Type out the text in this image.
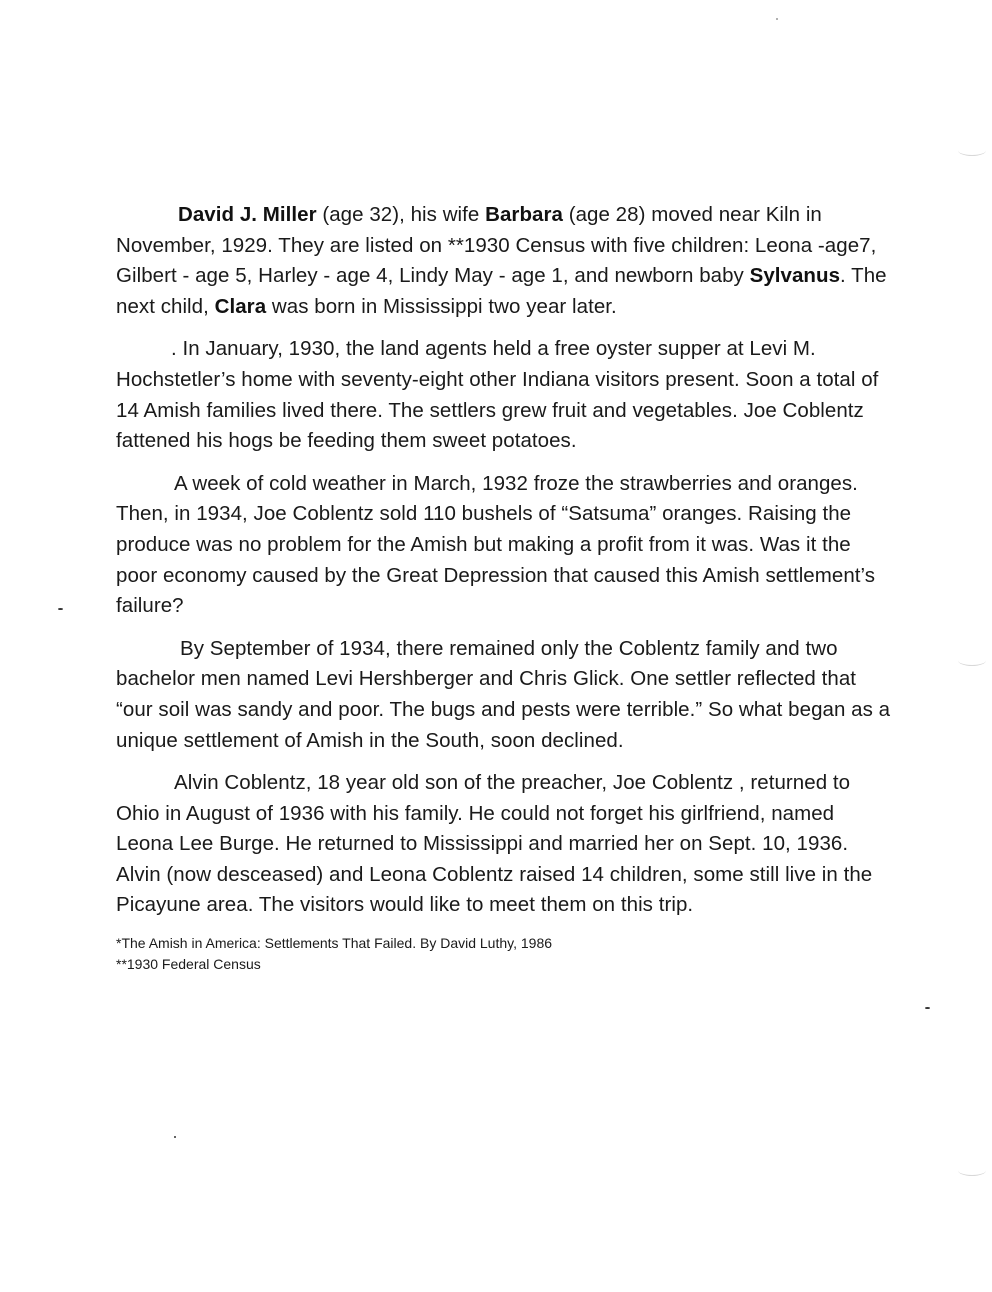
David J. Miller (age 32), his wife Barbara (age 28) moved near Kiln in November, 1929. They are listed on **1930 Census with five children: Leona -age7, Gilbert - age 5, Harley - age 4, Lindy May - age 1, and newborn baby Sylvanus. The next child, Clara was born in Mississippi two year later.

. In January, 1930, the land agents held a free oyster supper at Levi M. Hochstetler’s home with seventy-eight other Indiana visitors present. Soon a total of 14 Amish families lived there. The settlers grew fruit and vegetables. Joe Coblentz fattened his hogs be feeding them sweet potatoes.

A week of cold weather in March, 1932 froze the strawberries and oranges. Then, in 1934, Joe Coblentz sold 110 bushels of “Satsuma” oranges. Raising the produce was no problem for the Amish but making a profit from it was. Was it the poor economy caused by the Great Depression that caused this Amish settlement’s failure?

By September of 1934, there remained only the Coblentz family and two bachelor men named Levi Hershberger and Chris Glick. One settler reflected that “our soil was sandy and poor. The bugs and pests were terrible.” So what began as a unique settlement of Amish in the South, soon declined.

Alvin Coblentz, 18 year old son of the preacher, Joe Coblentz , returned to Ohio in August of 1936 with his family. He could not forget his girlfriend, named Leona Lee Burge. He returned to Mississippi and married her on Sept. 10, 1936. Alvin (now desceased) and Leona Coblentz raised 14 children, some still live in the Picayune area. The visitors would like to meet them on this trip.

*The Amish in America: Settlements That Failed. By David Luthy, 1986
**1930 Federal Census
